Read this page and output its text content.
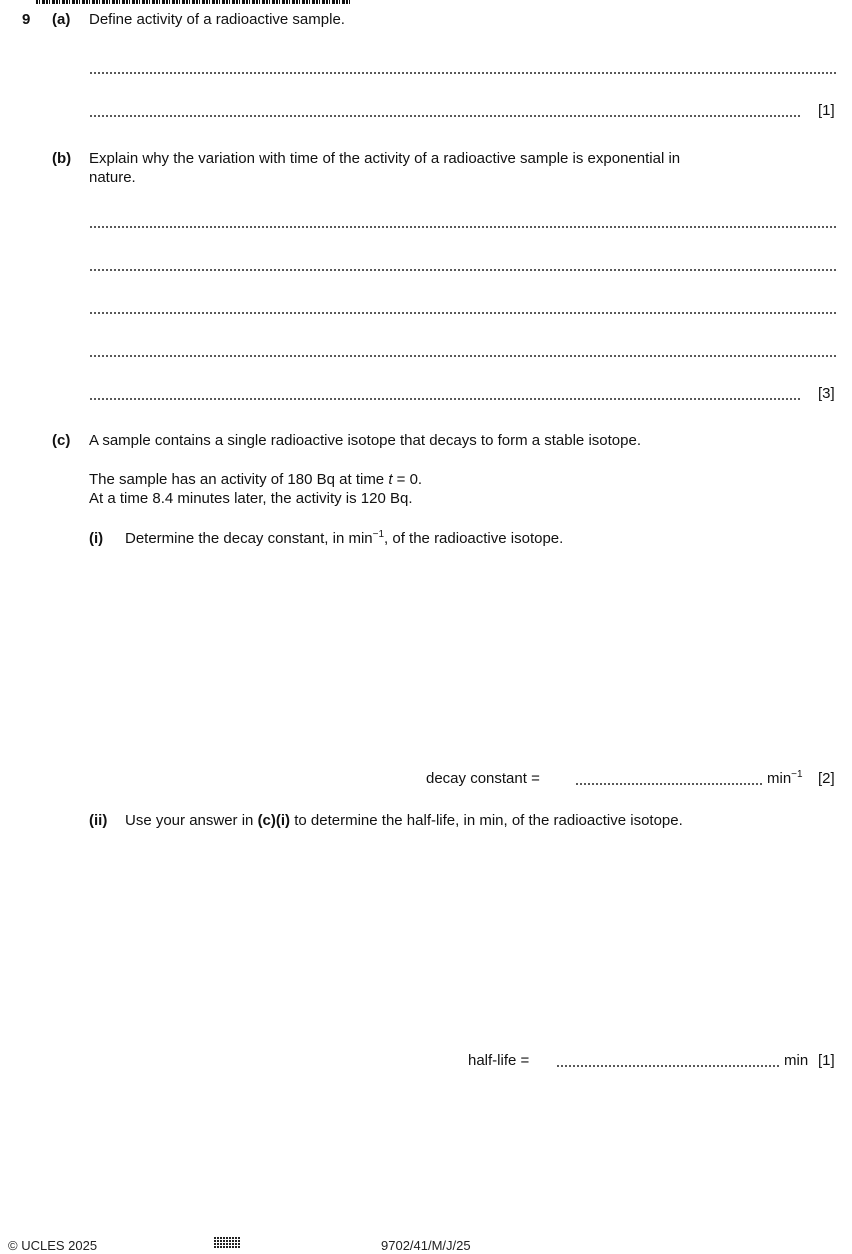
9 (a) Define activity of a radioactive sample.
[1]
(b) Explain why the variation with time of the activity of a radioactive sample is exponential in
nature.
[3]
(c) A sample contains a single radioactive isotope that decays to form a stable isotope.
The sample has an activity of 180 Bq at time t = 0.
At a time 8.4 minutes later, the activity is 120 Bq.
(i) Determine the decay constant, in $\min^{-1}$, of the radioactive isotope.
decay constant =	$\min^{-1} [2]$
(ii) Use your answer in (c)(i) to determine the half-life, in min, of the radioactive isotope.
half-life =	min [1]
© UCLES 2025	9702/41/M/J/25
